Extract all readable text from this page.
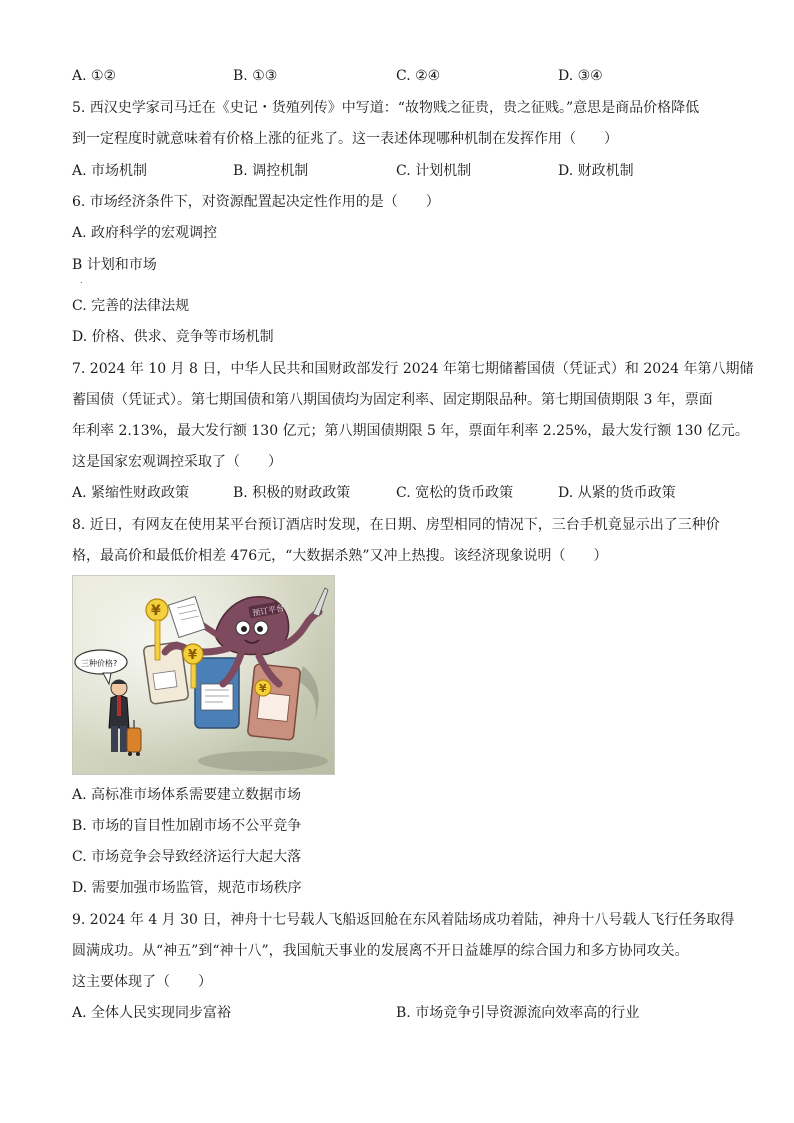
A. ①②	B. ①③	C. ②④	D. ③④
5. 西汉史学家司马迁在《史记・货殖列传》中写道：“故物贱之征贵，贵之征贱。”意思是商品价格降低
到一定程度时就意味着有价格上涨的征兆了。这一表述体现哪种机制在发挥作用（　　）
A. 市场机制	B. 调控机制	C. 计划机制	D. 财政机制
6. 市场经济条件下，对资源配置起决定性作用的是（　　）
A. 政府科学的宏观调控
B 计划和市场
.
C. 完善的法律法规
D. 价格、供求、竞争等市场机制
7. 2024 年 10 月 8 日，中华人民共和国财政部发行 2024 年第七期储蓄国债（凭证式）和 2024 年第八期储
蓄国债（凭证式）。第七期国债和第八期国债均为固定利率、固定期限品种。第七期国债期限 3 年，票面
年利率 2.13%，最大发行额 130 亿元；第八期国债期限 5 年，票面年利率 2.25%，最大发行额 130 亿元。
这是国家宏观调控采取了（　　）
A. 紧缩性财政政策	B. 积极的财政政策	C. 宽松的货币政策	D. 从紧的货币政策
8. 近日，有网友在使用某平台预订酒店时发现，在日期、房型相同的情况下，三台手机竟显示出了三种价
格，最高价和最低价相差 476元，“大数据杀熟”又冲上热搜。该经济现象说明（　　）
预订平台
¥
¥
¥
三种价格?
A. 高标准市场体系需要建立数据市场
B. 市场的盲目性加剧市场不公平竞争
C. 市场竞争会导致经济运行大起大落
D. 需要加强市场监管，规范市场秩序
9. 2024 年 4 月 30 日，神舟十七号载人飞船返回舱在东风着陆场成功着陆，神舟十八号载人飞行任务取得
圆满成功。从“神五”到“神十八”，我国航天事业的发展离不开日益雄厚的综合国力和多方协同攻关。
这主要体现了（　　）
A. 全体人民实现同步富裕	B. 市场竞争引导资源流向效率高的行业
